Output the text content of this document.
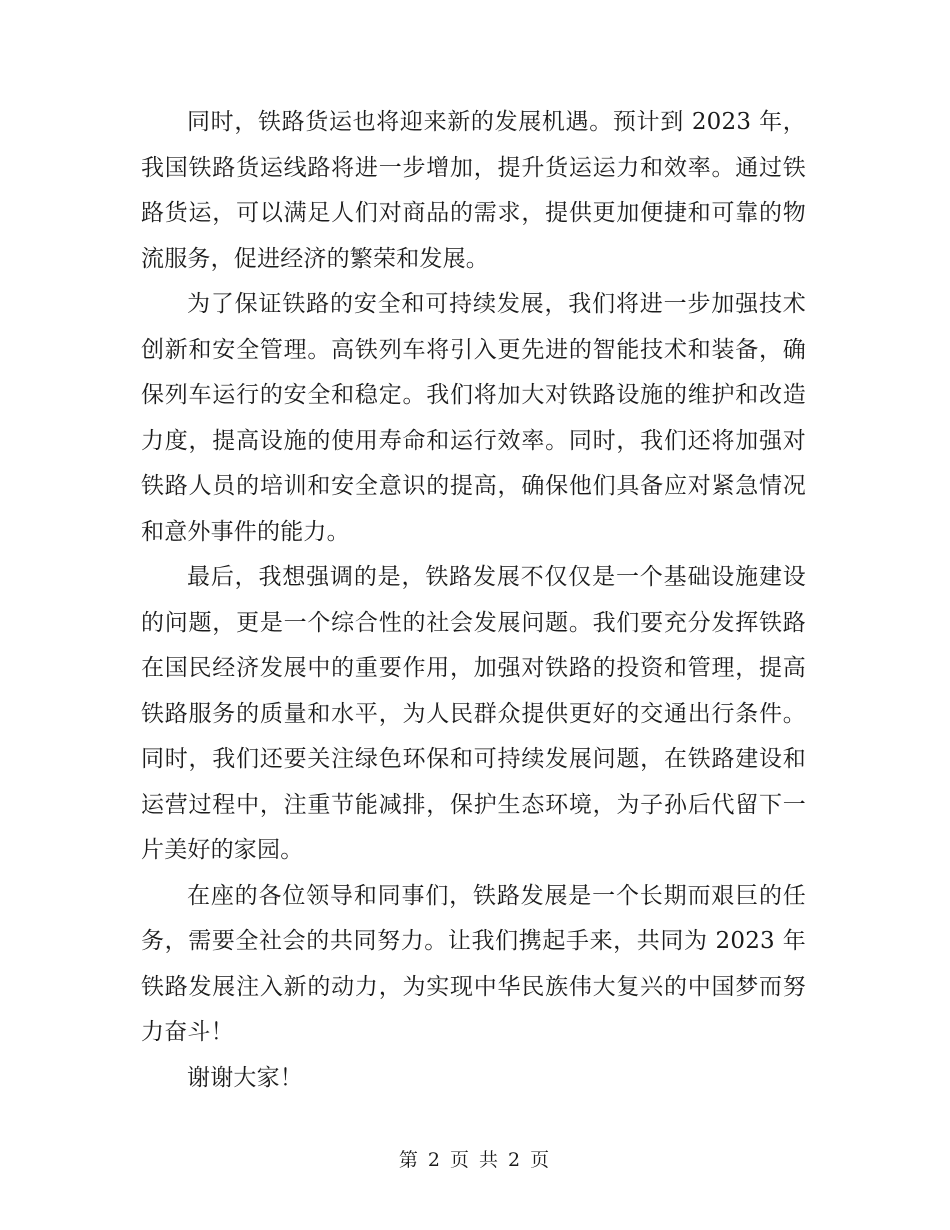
同时，铁路货运也将迎来新的发展机遇。预计到 2023 年，我国铁路货运线路将进一步增加，提升货运运力和效率。通过铁路货运，可以满足人们对商品的需求，提供更加便捷和可靠的物流服务，促进经济的繁荣和发展。

为了保证铁路的安全和可持续发展，我们将进一步加强技术创新和安全管理。高铁列车将引入更先进的智能技术和装备，确保列车运行的安全和稳定。我们将加大对铁路设施的维护和改造力度，提高设施的使用寿命和运行效率。同时，我们还将加强对铁路人员的培训和安全意识的提高，确保他们具备应对紧急情况和意外事件的能力。

最后，我想强调的是，铁路发展不仅仅是一个基础设施建设的问题，更是一个综合性的社会发展问题。我们要充分发挥铁路在国民经济发展中的重要作用，加强对铁路的投资和管理，提高铁路服务的质量和水平，为人民群众提供更好的交通出行条件。同时，我们还要关注绿色环保和可持续发展问题，在铁路建设和运营过程中，注重节能减排，保护生态环境，为子孙后代留下一片美好的家园。

在座的各位领导和同事们，铁路发展是一个长期而艰巨的任务，需要全社会的共同努力。让我们携起手来，共同为 2023 年铁路发展注入新的动力，为实现中华民族伟大复兴的中国梦而努力奋斗！

谢谢大家！

第 2 页 共 2 页
